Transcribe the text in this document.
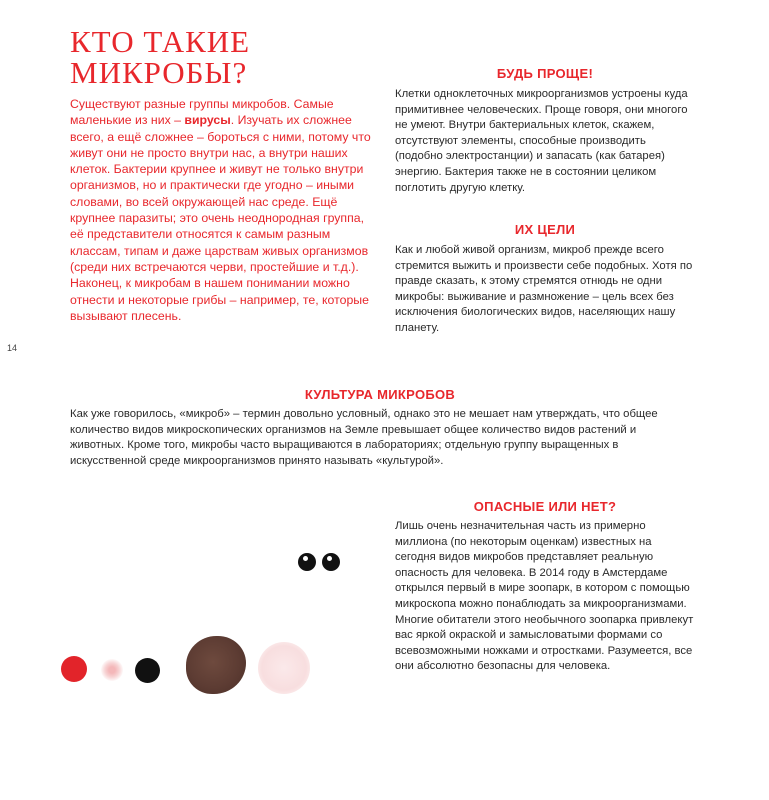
14
КТО ТАКИЕ
МИКРОБЫ?
Существуют разные группы микробов. Самые маленькие из них – вирусы. Изучать их сложнее всего, а ещё сложнее – бороться с ними, потому что живут они не просто внутри нас, а внутри наших клеток. Бактерии крупнее и живут не только внутри организмов, но и практически где угодно – иными словами, во всей окружающей нас среде. Ещё крупнее паразиты; это очень неоднородная группа, её представители относятся к самым разным классам, типам и даже царствам живых организмов (среди них встречаются черви, простейшие и т.д.). Наконец, к микробам в нашем понимании можно отнести и некоторые грибы – например, те, которые вызывают плесень.
БУДЬ ПРОЩЕ!
Клетки одноклеточных микроорганизмов устроены куда примитивнее человеческих. Проще говоря, они многого не умеют. Внутри бактериальных клеток, скажем, отсутствуют элементы, способные производить (подобно электростанции) и запасать (как батарея) энергию. Бактерия также не в состоянии целиком поглотить другую клетку.
ИХ ЦЕЛИ
Как и любой живой организм, микроб прежде всего стремится выжить и произвести себе подобных. Хотя по правде сказать, к этому стремятся отнюдь не одни микробы: выживание и размножение – цель всех без исключения биологических видов, населяющих нашу планету.
КУЛЬТУРА МИКРОБОВ
Как уже говорилось, «микроб» – термин довольно условный, однако это не мешает нам утверждать, что общее количество видов микроскопических организмов на Земле превышает общее количество видов растений и животных. Кроме того, микробы часто выращиваются в лабораториях; отдельную группу выращенных в искусственной среде микроорганизмов принято называть «культурой».
ОПАСНЫЕ ИЛИ НЕТ?
Лишь очень незначительная часть из примерно миллиона (по некоторым оценкам) известных на сегодня видов микробов представляет реальную опасность для человека. В 2014 году в Амстердаме открылся первый в мире зоопарк, в котором с помощью микроскопа можно понаблюдать за микроорганизмами. Многие обитатели этого необычного зоопарка привлекут вас яркой окраской и замысловатыми формами со всевозможными ножками и отростками. Разумеется, все они абсолютно безопасны для человека.
